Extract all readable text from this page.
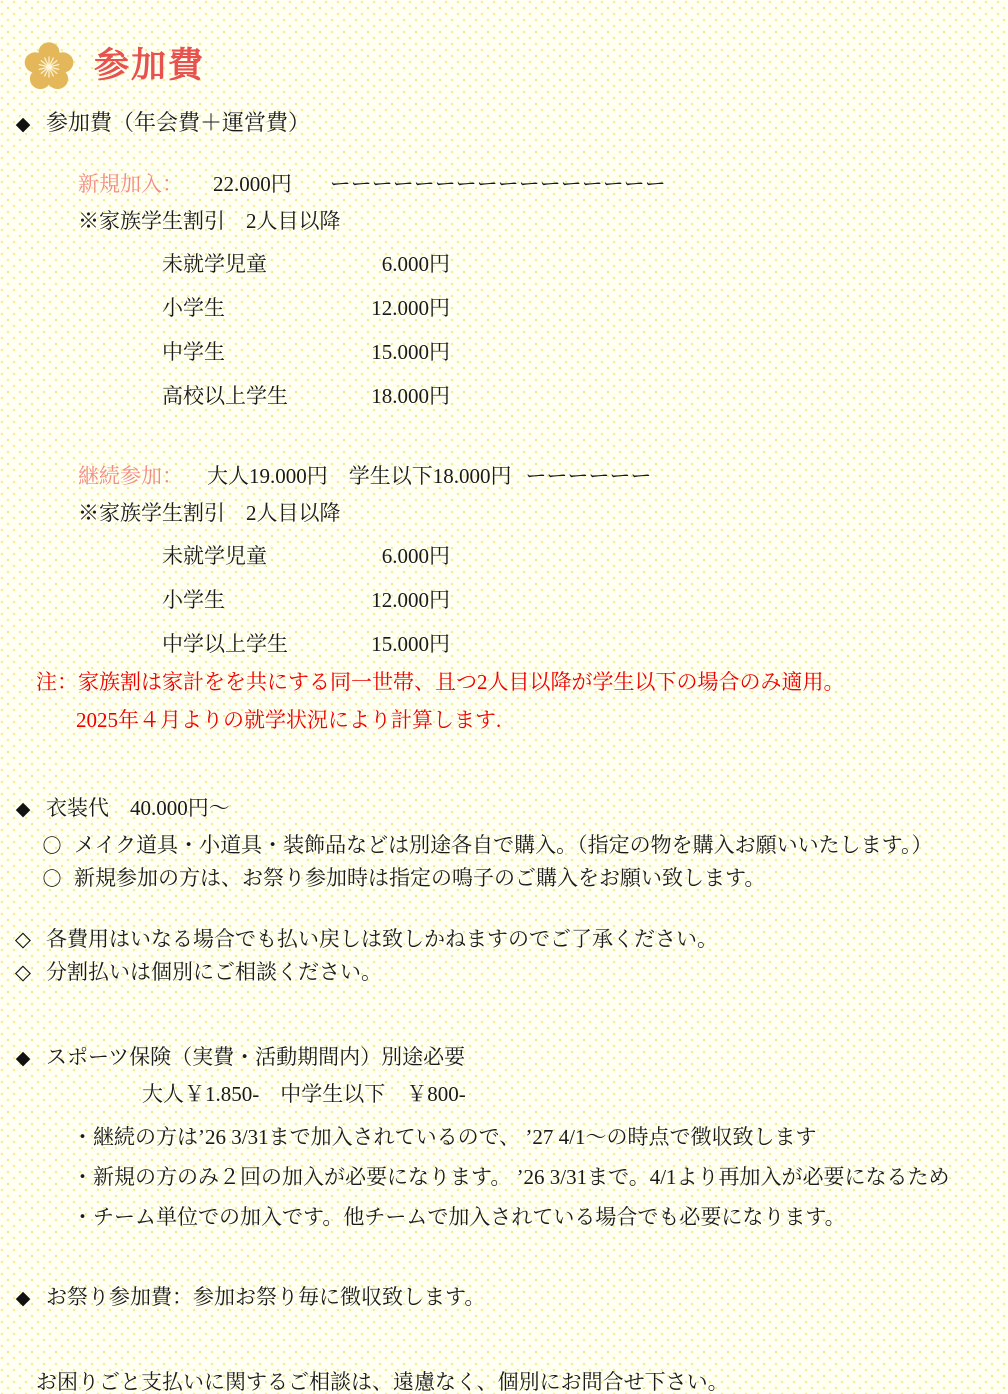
参加費
◆ 参加費（年会費＋運営費）
新規加入：	22.000円	ーーーーーーーーーーーーーーーー
※家族学生割引　2人目以降
未就学児童	6.000円
小学生	12.000円
中学生	15.000円
高校以上学生	18.000円
継続参加：	大人19.000円　学生以下18.000円 ーーーーーー
※家族学生割引　2人目以降
未就学児童	6.000円
小学生	12.000円
中学以上学生	15.000円
注：家族割は家計をを共にする同一世帯、且つ2人目以降が学生以下の場合のみ適用。
2025年４月よりの就学状況により計算します.
◆ 衣装代　40.000円～
〇 メイク道具・小道具・装飾品などは別途各自で購入。（指定の物を購入お願いいたします。）
〇 新規参加の方は、お祭り参加時は指定の鳴子のご購入をお願い致します。
◇ 各費用はいなる場合でも払い戻しは致しかねますのでご了承ください。
◇ 分割払いは個別にご相談ください。
◆ スポーツ保険（実費・活動期間内）別途必要
大人￥1.850-　中学生以下　￥800-
・継続の方は’26 3/31まで加入されているので、 ’27 4/1～の時点で徴収致します
・新規の方のみ２回の加入が必要になります。 ’26 3/31まで。4/1より再加入が必要になるため
・チーム単位での加入です。他チームで加入されている場合でも必要になります。
◆ お祭り参加費：参加お祭り毎に徴収致します。
お困りごと支払いに関するご相談は、遠慮なく、個別にお問合せ下さい。
